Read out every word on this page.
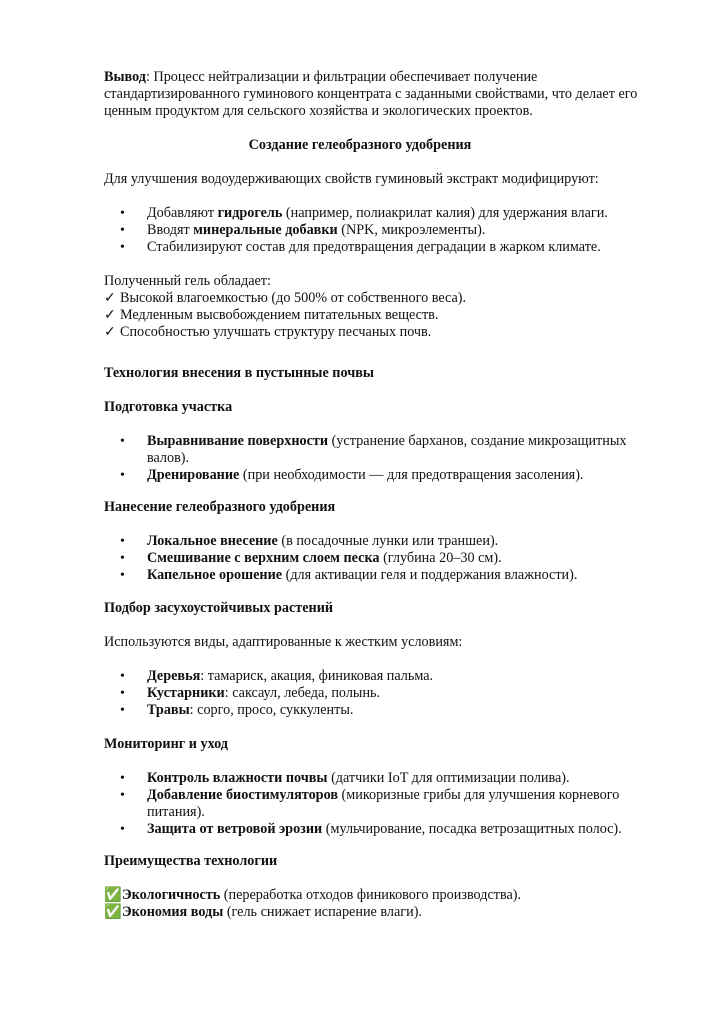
Вывод: Процесс нейтрализации и фильтрации обеспечивает получение стандартизированного гуминового концентрата с заданными свойствами, что делает его ценным продуктом для сельского хозяйства и экологических проектов.

Создание гелеобразного удобрения

Для улучшения водоудерживающих свойств гуминовый экстракт модифицируют:

• Добавляют гидрогель (например, полиакрилат калия) для удержания влаги.
• Вводят минеральные добавки (NPK, микроэлементы).
• Стабилизируют состав для предотвращения деградации в жарком климате.

Полученный гель обладает:

✓ Высокой влагоемкостью (до 500% от собственного веса).
✓ Медленным высвобождением питательных веществ.
✓ Способностью улучшать структуру песчаных почв.

Технология внесения в пустынные почвы

Подготовка участка

• Выравнивание поверхности (устранение барханов, создание микрозащитных валов).
• Дренирование (при необходимости — для предотвращения засоления).

Нанесение гелеобразного удобрения

• Локальное внесение (в посадочные лунки или траншеи).
• Смешивание с верхним слоем песка (глубина 20–30 см).
• Капельное орошение (для активации геля и поддержания влажности).

Подбор засухоустойчивых растений

Используются виды, адаптированные к жестким условиям:

• Деревья: тамариск, акация, финиковая пальма.
• Кустарники: саксаул, лебеда, полынь.
• Травы: сорго, просо, суккуленты.

Мониторинг и уход

• Контроль влажности почвы (датчики IoT для оптимизации полива).
• Добавление биостимуляторов (микоризные грибы для улучшения корневого питания).
• Защита от ветровой эрозии (мульчирование, посадка ветрозащитных полос).

Преимущества технологии

✅ Экологичность (переработка отходов финикового производства).
✅ Экономия воды (гель снижает испарение влаги).
